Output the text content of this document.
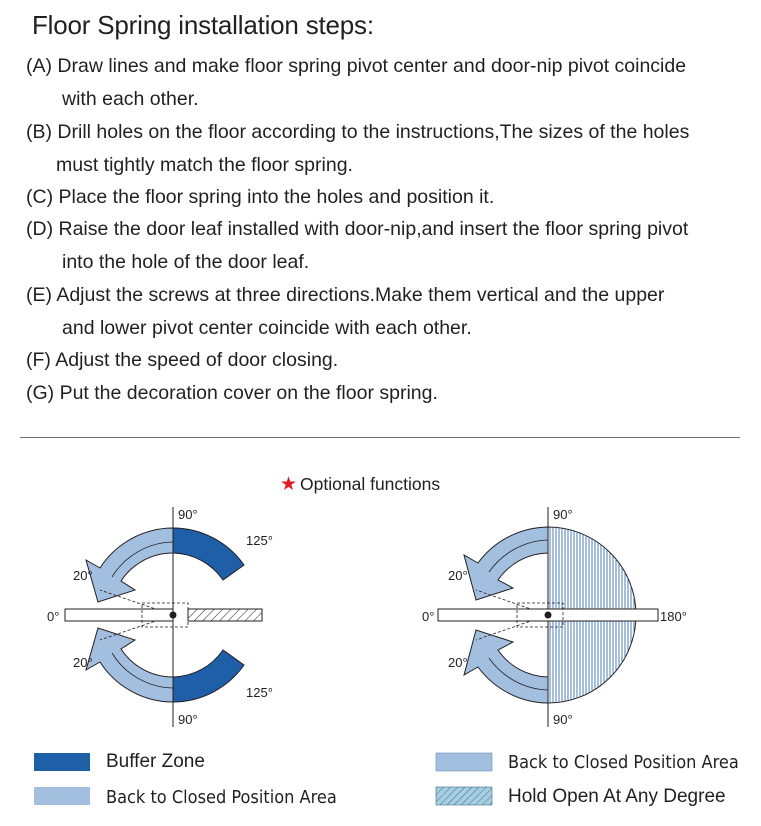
Floor Spring installation steps:
(A) Draw lines and make floor spring pivot center and door-nip pivot coincide
with each other.
(B) Drill holes on the floor according to the instructions,The sizes of the holes
must tightly match the floor spring.
(C) Place the floor spring into the holes and position it.
(D) Raise the door leaf installed with door-nip,and insert the floor spring pivot
into the hole of the door leaf.
(E) Adjust the screws at three directions.Make them vertical and the upper
and lower pivot center coincide with each other.
(F) Adjust the speed of door closing.
(G) Put the decoration cover on the floor spring.
★ Optional functions
90°
90°
125°
125°
20°
20°
0°
90°
90°
20°
20°
0°	180°
Buffer Zone
Back to Closed Position Area
Back to Closed Position Area
Hold Open At Any Degree
